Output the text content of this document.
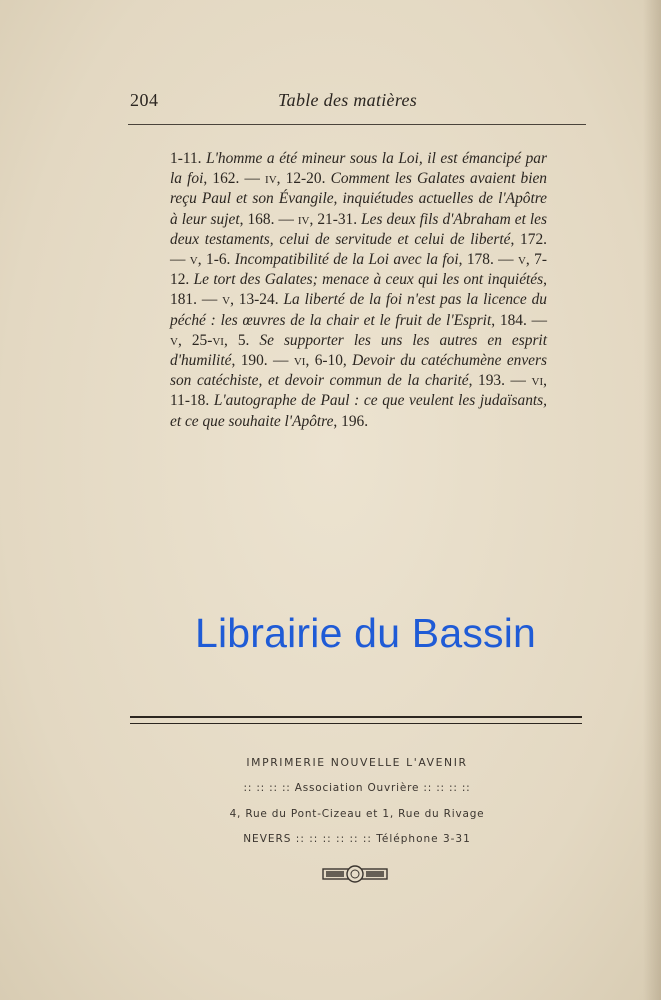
204	Table des matières
1-11. L'homme a été mineur sous la Loi, il est émancipé par la foi, 162. — iv, 12-20. Comment les Galates avaient bien reçu Paul et son Évangile, inquiétudes actuelles de l'Apôtre à leur sujet, 168. — iv, 21-31. Les deux fils d'Abraham et les deux testaments, celui de servitude et celui de liberté, 172. — v, 1-6. Incompatibilité de la Loi avec la foi, 178. — v, 7-12. Le tort des Galates; menace à ceux qui les ont inquiétés, 181. — v, 13-24. La liberté de la foi n'est pas la licence du péché : les œuvres de la chair et le fruit de l'Esprit, 184. — v, 25-vi, 5. Se supporter les uns les autres en esprit d'humilité, 190. — vi, 6-10, Devoir du catéchumène envers son catéchiste, et devoir commun de la charité, 193. — vi, 11-18. L'autographe de Paul : ce que veulent les judaïsants, et ce que souhaite l'Apôtre, 196.
Librairie du Bassin
IMPRIMERIE NOUVELLE L'AVENIR
:: :: :: :: Association Ouvrière :: :: :: ::
4, Rue du Pont-Cizeau et 1, Rue du Rivage
NEVERS :: :: :: :: :: :: Téléphone 3-31
